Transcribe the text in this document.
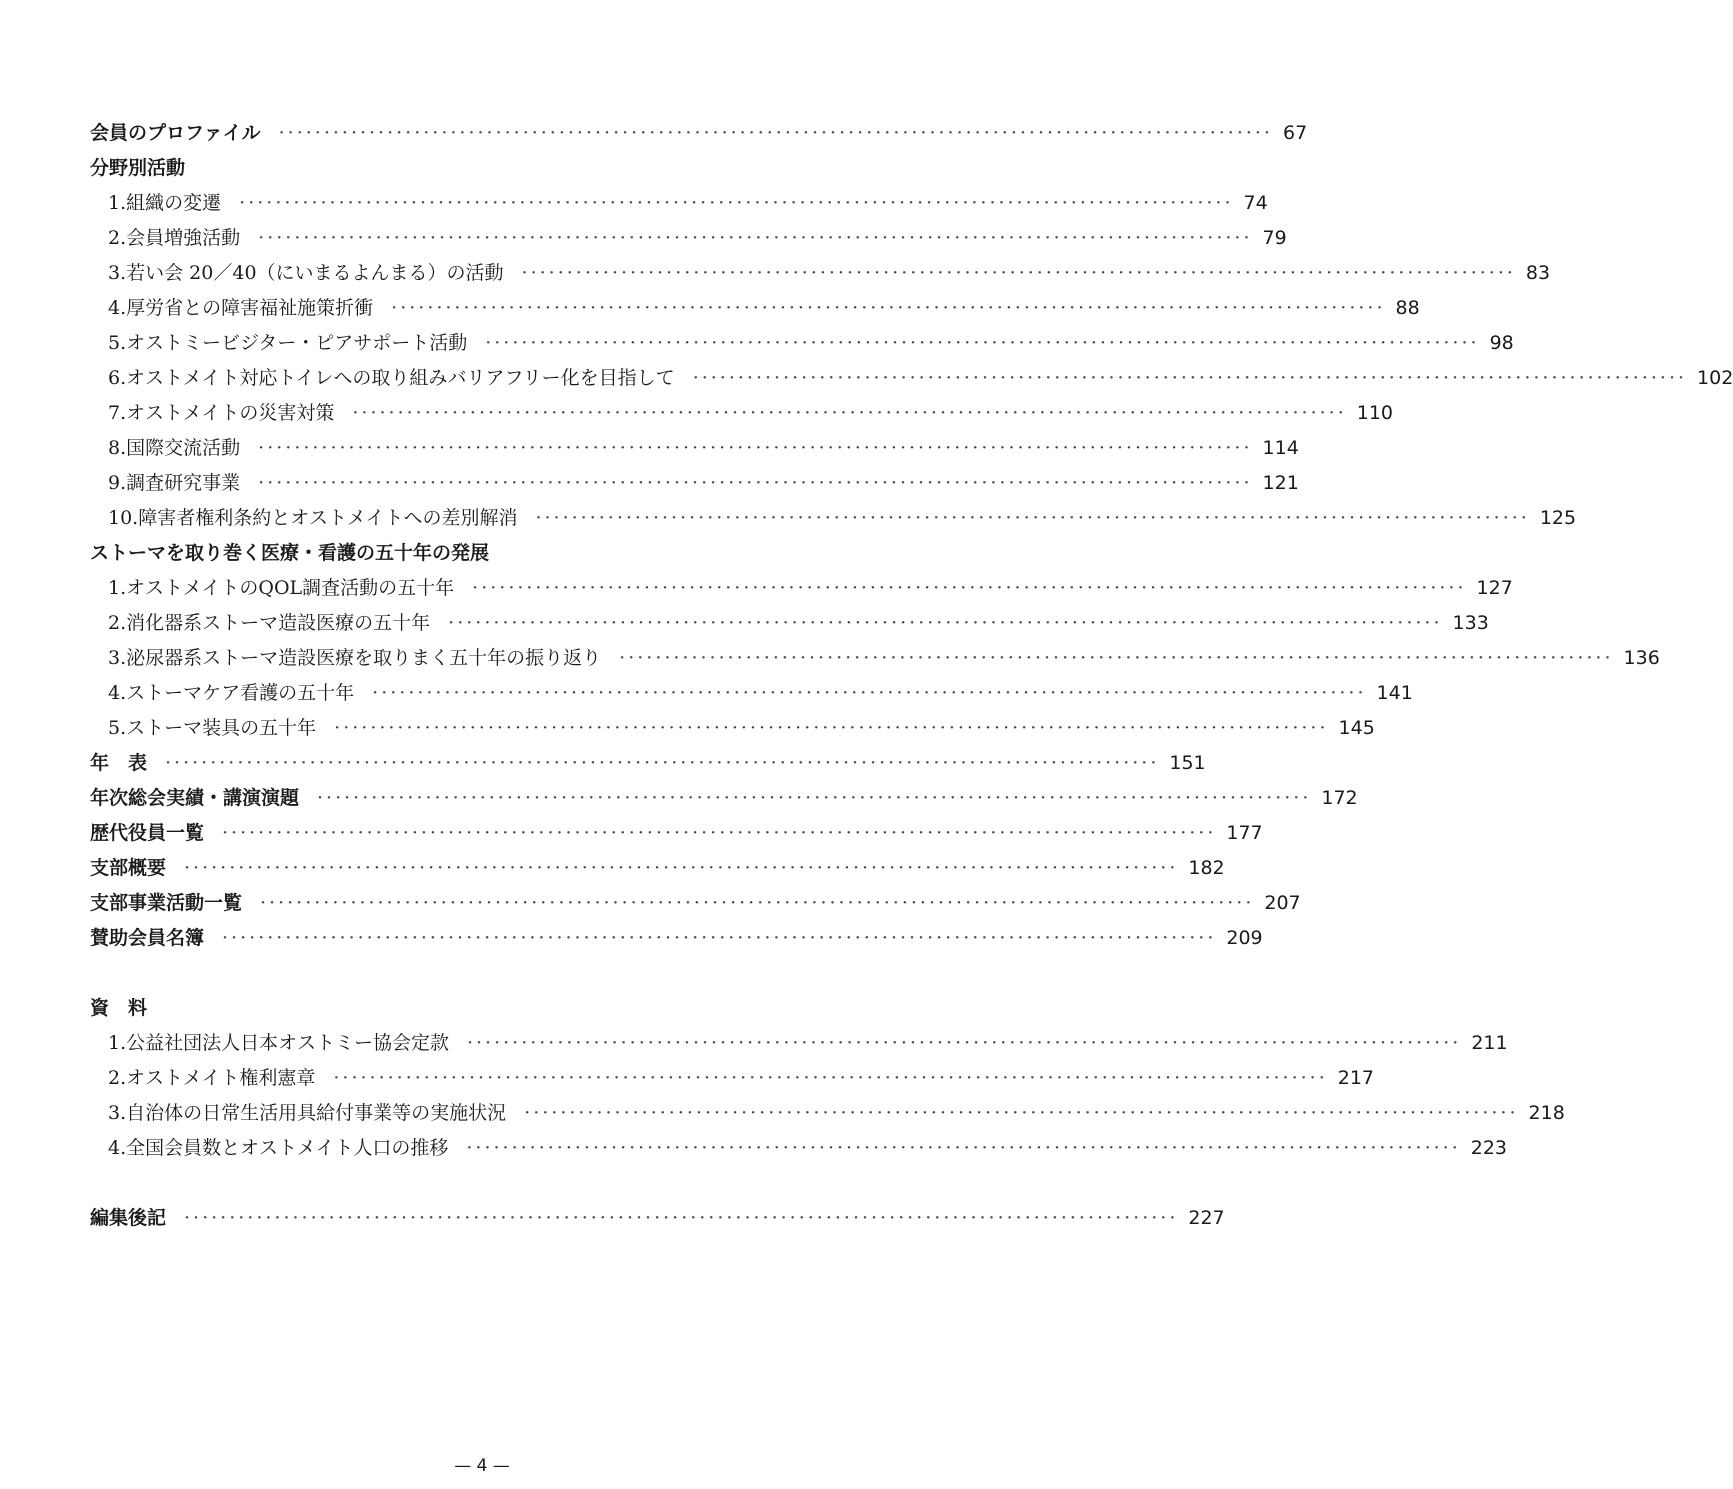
会員のプロファイル ·············································································································· 67
分野別活動
1. 組織の変遷 ·············································································································· 74
2. 会員増強活動 ·············································································································· 79
3. 若い会 20／40（にいまるよんまる）の活動 ·············································································································· 83
4. 厚労省との障害福祉施策折衝 ·············································································································· 88
5. オストミービジター・ピアサポート活動 ·············································································································· 98
6. オストメイト対応トイレへの取り組み バリアフリー化を目指して ·············································································································· 102
7. オストメイトの災害対策 ·············································································································· 110
8. 国際交流活動 ·············································································································· 114
9. 調査研究事業 ·············································································································· 121
10. 障害者権利条約とオストメイトへの差別解消 ·············································································································· 125
ストーマを取り巻く医療・看護の五十年の発展
1. オストメイトのQOL調査活動の五十年 ·············································································································· 127
2. 消化器系ストーマ造設医療の五十年 ·············································································································· 133
3. 泌尿器系ストーマ造設医療を取りまく五十年の振り返り ·············································································································· 136
4. ストーマケア看護の五十年 ·············································································································· 141
5. ストーマ装具の五十年 ·············································································································· 145
年　表 ·············································································································· 151
年次総会実績・講演演題 ·············································································································· 172
歴代役員一覧 ·············································································································· 177
支部概要 ·············································································································· 182
支部事業活動一覧 ·············································································································· 207
賛助会員名簿 ·············································································································· 209
資　料
1. 公益社団法人日本オストミー協会定款 ·············································································································· 211
2. オストメイト権利憲章 ·············································································································· 217
3. 自治体の日常生活用具給付事業等の実施状況 ·············································································································· 218
4. 全国会員数とオストメイト人口の推移 ·············································································································· 223
編集後記 ·············································································································· 227
— 4 —
